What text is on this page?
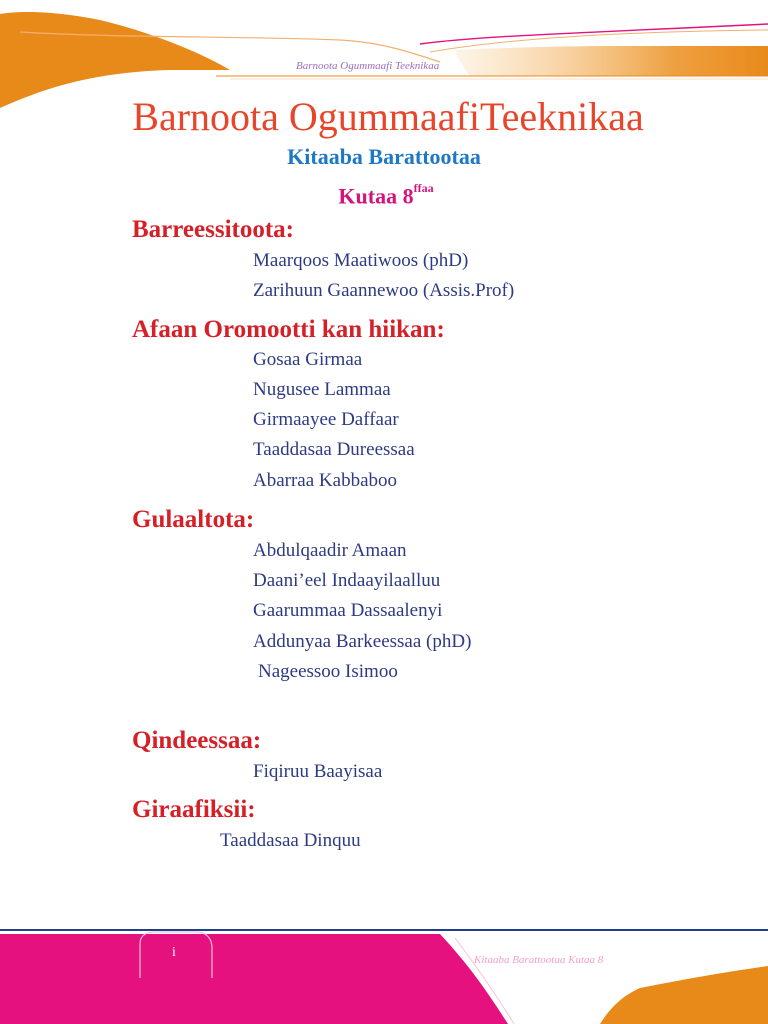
Barnoota Ogummaafi Teeknikaa
Barnoota OgummaafiTeeknikaa
Kitaaba Barattootaa
Kutaa $8^{ffaa}$
Barreessitoota:
Maarqoos Maatiwoos (phD)
Zarihuun Gaannewoo (Assis.Prof)
Afaan Oromootti kan hiikan:
Gosaa Girmaa
Nugusee Lammaa
Girmaayee Daffaar
Taaddasaa Dureessaa
Abarraa Kabbaboo
Gulaaltota:
Abdulqaadir Amaan
Daani’eel Indaayilaalluu
Gaarummaa Dassaalenyi
Addunyaa Barkeessaa (phD)
Nageessoo Isimoo
Qindeessaa:
Fiqiruu Baayisaa
Giraafiksii:
Taaddasaa Dinquu
i	Kitaaba Barattootaa Kutaa 8
